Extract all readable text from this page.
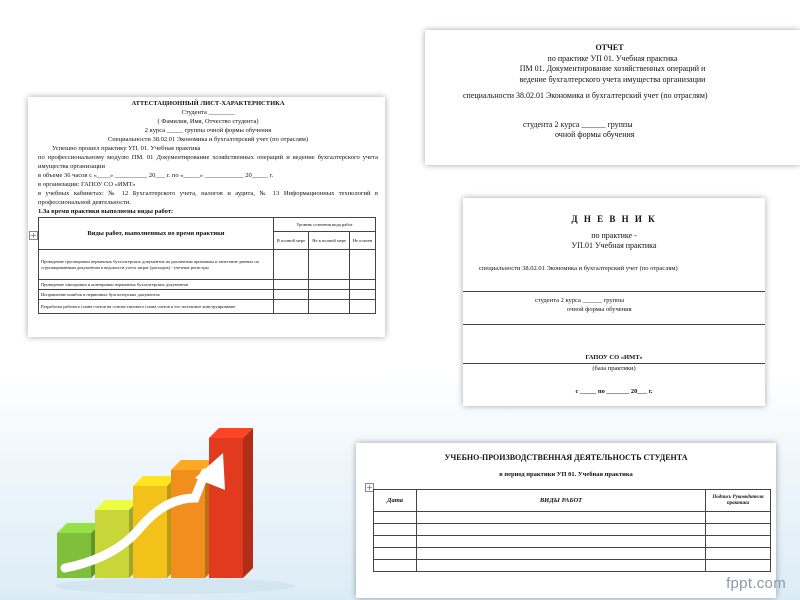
АТТЕСТАЦИОННЫЙ ЛИСТ-ХАРАКТЕРИСТИКА
Студента ________
( Фамилия, Имя, Отчество студента)
2 курса _____ группы очной формы обучения
Специальности 38.02.01 Экономика и бухгалтерский учет (по отраслям)
Успешно прошел практику УП. 01. Учебная практика
по профессиональному модулю ПМ. 01 Документирование хозяйственных операций и ведение бухгалтерского учета имущества организации
в объеме 36 часов с «____» __________ 20___ г. по «_____» ____________ 20_____ г.
в организации: ГАПОУ СО «ИМТ»
в учебных кабинетах: № 12 Бухгалтерского учета, налогов и аудита, № 13 Информационных технологий в профессиональной деятельности.
1.За время практики выполнены виды работ:
Виды работ, выполненных во время практики	Уровень освоения вида работ		
	В полной мере	Не в полной мере	Не освоен
Проведение группировки первичных бухгалтерских документов по различным признакам и занесение данных по сгруппированным документам в ведомости учета затрат (расходов) - учетные регистры			
Проведение таксировки и контировки первичных бухгалтерских документов			
Исправление ошибок в первичных бухгалтерских документах			
Разработка рабочего плана счетов на основе типового плана счетов и его поэтапное конструирование			
+
ОТЧЕТ
по практике УП 01. Учебная практика
ПМ 01. Документирование хозяйственных операций и
ведение бухгалтерского учета имущества организации
специальности 38.02.01 Экономика и бухгалтерский учет (по отраслям)
студента 2 курса ______ группы
очной формы обучения
Д Н Е В Н И К
по практике -
УП.01 Учебная практика
специальности 38.02.01 Экономика и бухгалтерский учет (по отраслям)
студента 2 курса ______ группы
очной формы обучения
ГАПОУ СО «ИМТ»
(база практики)
с _____ по _______ 20___ г.
УЧЕБНО-ПРОИЗВОДСТВЕННАЯ ДЕЯТЕЛЬНОСТЬ СТУДЕНТА
в период практики УП 01. Учебная практика
+
Дата	ВИДЫ РАБОТ	Подпись Руководителя практики

fppt.com
